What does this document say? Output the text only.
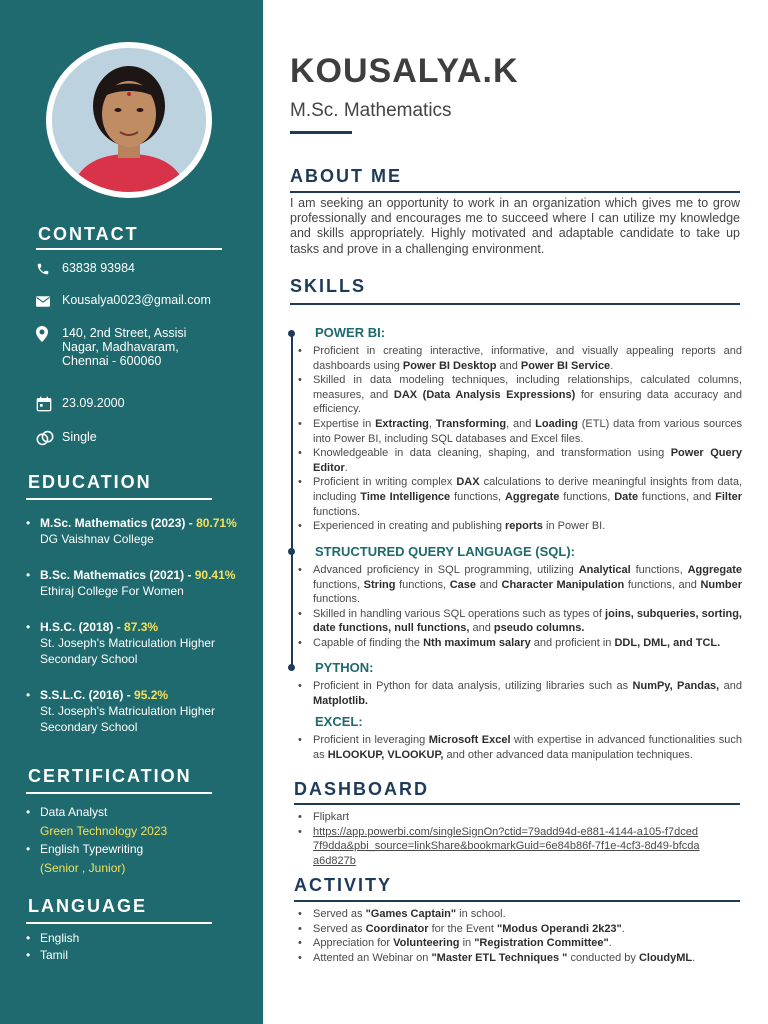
CONTACT
63838 93984
Kousalya0023@gmail.com
140, 2nd Street, Assisi Nagar, Madhavaram, Chennai - 600060
23.09.2000
Single
EDUCATION
• M.Sc. Mathematics (2023) - 80.71%
DG Vaishnav College
• B.Sc. Mathematics (2021) - 90.41%
Ethiraj College For Women
• H.S.C. (2018) - 87.3%
St. Joseph's Matriculation Higher Secondary School
• S.S.L.C. (2016) - 95.2%
St. Joseph's Matriculation Higher Secondary School
CERTIFICATION
• Data Analyst
Green Technology 2023
• English Typewriting
(Senior , Junior)
LANGUAGE
• English
• Tamil
KOUSALYA.K
M.Sc. Mathematics
ABOUT ME
I am seeking an opportunity to work in an organization which gives me to grow professionally and encourages me to succeed where I can utilize my knowledge and skills appropriately. Highly motivated and adaptable candidate to take up tasks and prove in a challenging environment.
SKILLS
POWER BI:
•	Proficient in creating interactive, informative, and visually appealing reports and dashboards using Power BI Desktop and Power BI Service.
•	Skilled in data modeling techniques, including relationships, calculated columns, measures, and DAX (Data Analysis Expressions) for ensuring data accuracy and efficiency.
•	Expertise in Extracting, Transforming, and Loading (ETL) data from various sources into Power BI, including SQL databases and Excel files.
•	Knowledgeable in data cleaning, shaping, and transformation using Power Query Editor.
•	Proficient in writing complex DAX calculations to derive meaningful insights from data, including Time Intelligence functions, Aggregate functions, Date functions, and Filter functions.
•	Experienced in creating and publishing reports in Power BI.
STRUCTURED QUERY LANGUAGE (SQL):
•	Advanced proficiency in SQL programming, utilizing Analytical functions, Aggregate functions, String functions, Case and Character Manipulation functions, and Number functions.
•	Skilled in handling various SQL operations such as types of joins, subqueries, sorting, date functions, null functions, and pseudo columns.
•	Capable of finding the Nth maximum salary and proficient in DDL, DML, and TCL.
PYTHON:
•	Proficient in Python for data analysis, utilizing libraries such as NumPy, Pandas, and Matplotlib.
EXCEL:
•	Proficient in leveraging Microsoft Excel with expertise in advanced functionalities such as HLOOKUP, VLOOKUP, and other advanced data manipulation techniques.
DASHBOARD
•	Flipkart
•	https://app.powerbi.com/singleSignOn?ctid=79add94d-e881-4144-a105-f7dced7f9dda&pbi_source=linkShare&bookmarkGuid=6e84b86f-7f1e-4cf3-8d49-bfcdaa6d827b
ACTIVITY
•	Served as "Games Captain" in school.
•	Served as Coordinator for the Event "Modus Operandi 2k23".
•	Appreciation for Volunteering in "Registration Committee".
•	Attented an Webinar on "Master ETL Techniques " conducted by CloudyML.
